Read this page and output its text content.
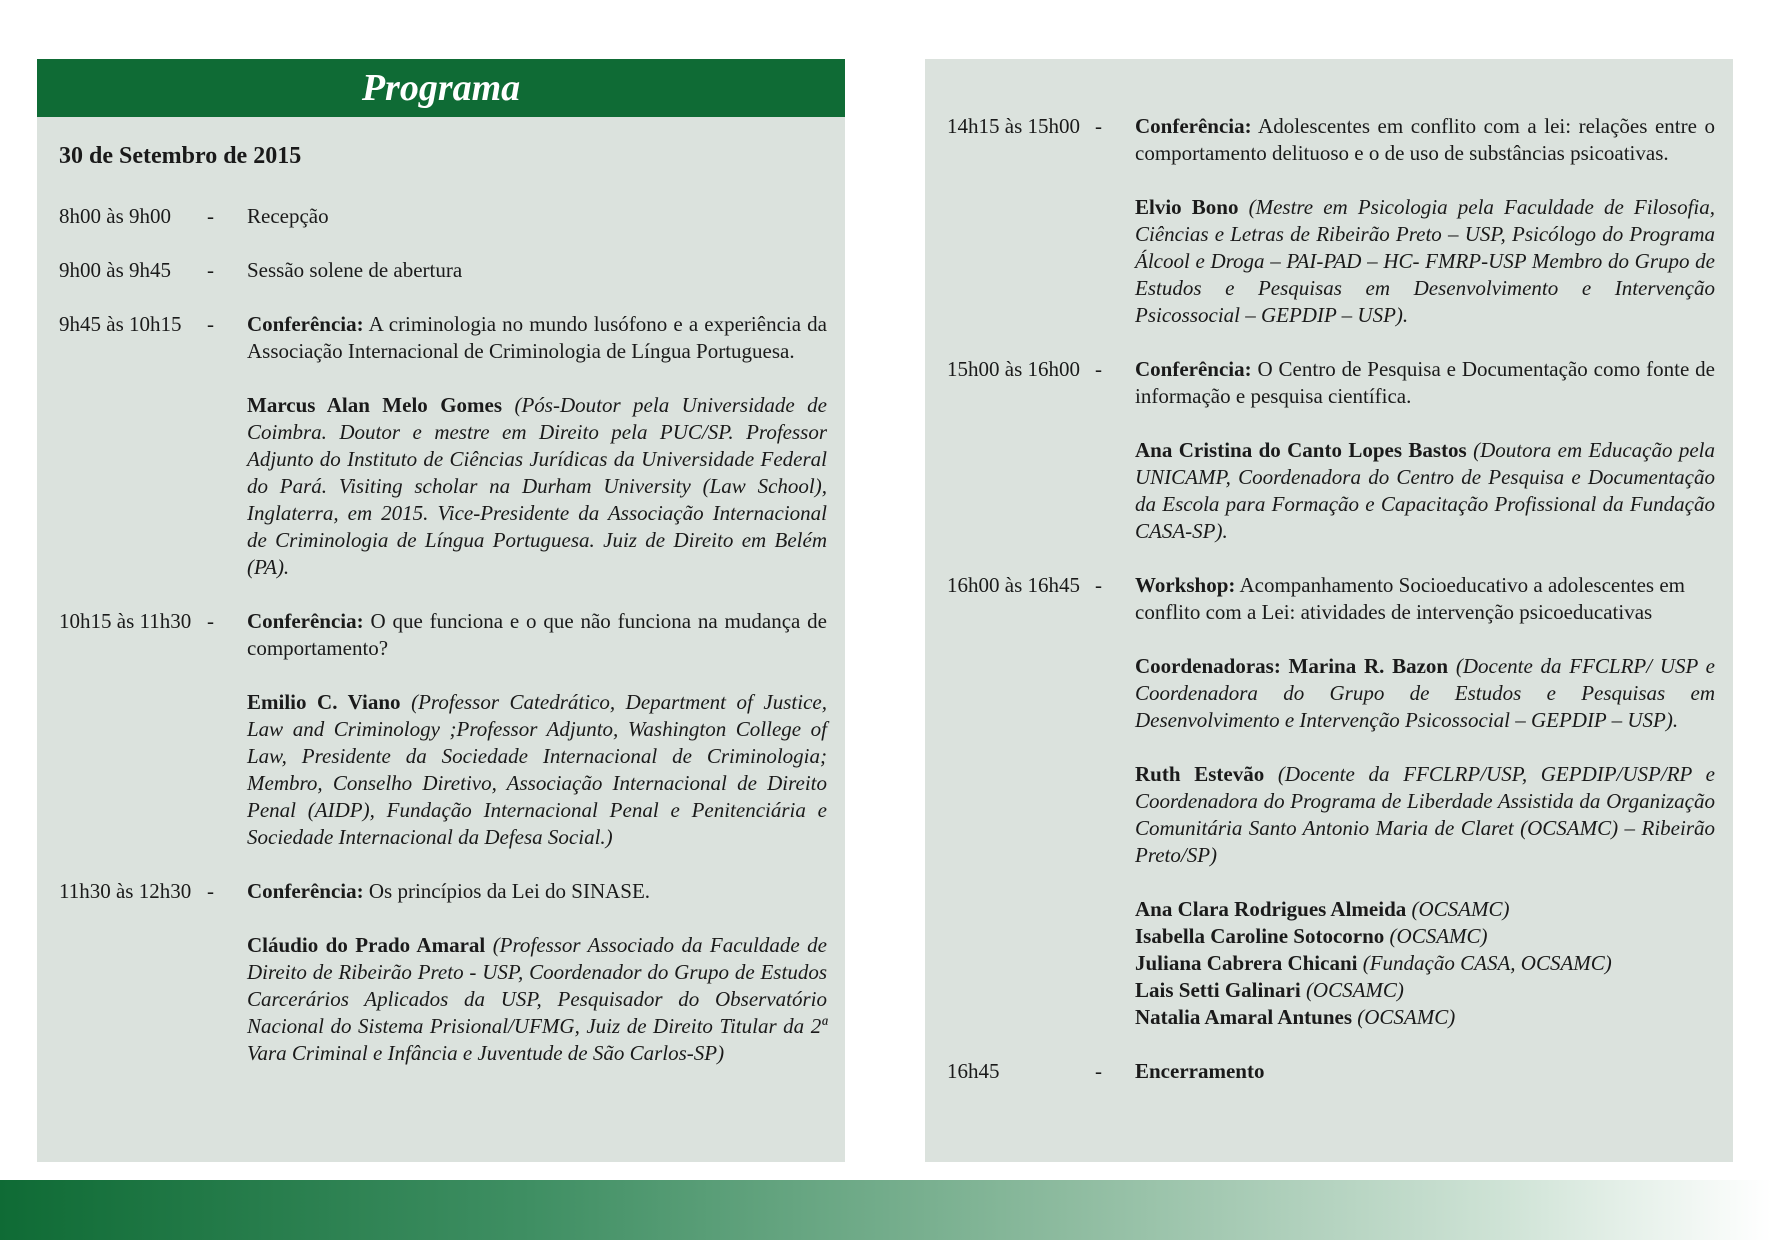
Programa
30 de Setembro de 2015
8h00 às 9h00	-	Recepção

9h00 às 9h45	-	Sessão solene de abertura

9h45 às 10h15	-	Conferência: A criminologia no mundo lusófono e a experiência da Associação Internacional de Criminologia de Língua Portuguesa.

Marcus Alan Melo Gomes (Pós-Doutor pela Universidade de Coimbra. Doutor e mestre em Direito pela PUC/SP. Professor Adjunto do Instituto de Ciências Jurídicas da Universidade Federal do Pará. Visiting scholar na Durham University (Law School), Inglaterra, em 2015. Vice-Presidente da Associação Internacional de Criminologia de Língua Portuguesa. Juiz de Direito em Belém (PA).

10h15 às 11h30 -	Conferência: O que funciona e o que não funciona na mudança de comportamento?

Emilio C. Viano (Professor Catedrático, Department of Justice, Law and Criminology ;Professor Adjunto, Washington College of Law, Presidente da Sociedade Internacional de Criminologia; Membro, Conselho Diretivo, Associação Internacional de Direito Penal (AIDP), Fundação Internacional Penal e Penitenciária e Sociedade Internacional da Defesa Social.)

11h30 às 12h30 -	Conferência: Os princípios da Lei do SINASE.

Cláudio do Prado Amaral (Professor Associado da Faculdade de Direito de Ribeirão Preto - USP, Coordenador do Grupo de Estudos Carcerários Aplicados da USP, Pesquisador do Observatório Nacional do Sistema Prisional/UFMG, Juiz de Direito Titular da 2ª Vara Criminal e Infância e Juventude de São Carlos-SP)

14h15 às 15h00 -	Conferência: Adolescentes em conflito com a lei: relações entre o comportamento delituoso e o de uso de substâncias psicoativas.

Elvio Bono (Mestre em Psicologia pela Faculdade de Filosofia, Ciências e Letras de Ribeirão Preto – USP, Psicólogo do Programa Álcool e Droga – PAI-PAD – HC- FMRP-USP Membro do Grupo de Estudos e Pesquisas em Desenvolvimento e Intervenção Psicossocial – GEPDIP – USP).

15h00 às 16h00 -	Conferência: O Centro de Pesquisa e Documentação como fonte de informação e pesquisa científica.

Ana Cristina do Canto Lopes Bastos (Doutora em Educação pela UNICAMP, Coordenadora do Centro de Pesquisa e Documentação da Escola para Formação e Capacitação Profissional da Fundação CASA-SP).

16h00 às 16h45 -	Workshop: Acompanhamento Socioeducativo a adolescentes em conflito com a Lei: atividades de intervenção psicoeducativas

Coordenadoras: Marina R. Bazon (Docente da FFCLRP/ USP e Coordenadora do Grupo de Estudos e Pesquisas em Desenvolvimento e Intervenção Psicossocial – GEPDIP – USP).

Ruth Estevão (Docente da FFCLRP/USP, GEPDIP/USP/RP e Coordenadora do Programa de Liberdade Assistida da Organização Comunitária Santo Antonio Maria de Claret (OCSAMC) – Ribeirão Preto/SP)

Ana Clara Rodrigues Almeida (OCSAMC)
Isabella Caroline Sotocorno (OCSAMC)
Juliana Cabrera Chicani (Fundação CASA, OCSAMC)
Lais Setti Galinari (OCSAMC)
Natalia Amaral Antunes (OCSAMC)

16h45	-	Encerramento
